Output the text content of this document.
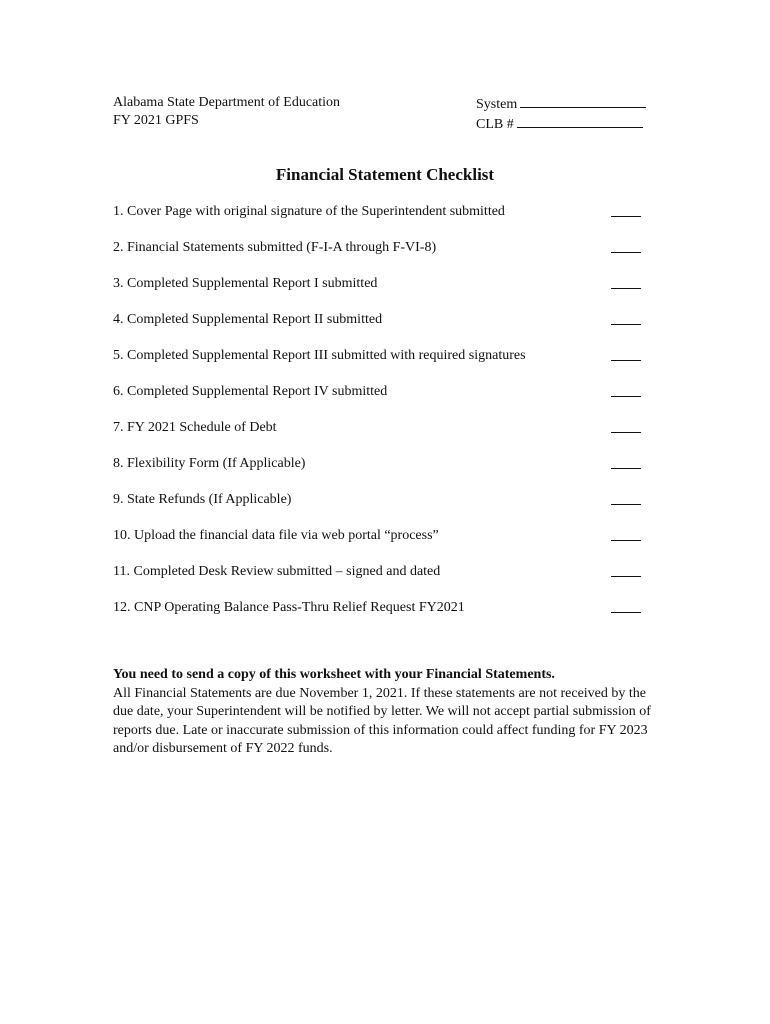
Alabama State Department of Education
FY 2021 GPFS
System
CLB #
Financial Statement Checklist
1. Cover Page with original signature of the Superintendent submitted
2. Financial Statements submitted (F-I-A through F-VI-8)
3. Completed Supplemental Report I submitted
4. Completed Supplemental Report II submitted
5. Completed Supplemental Report III submitted with required signatures
6. Completed Supplemental Report IV submitted
7. FY 2021 Schedule of Debt
8. Flexibility Form (If Applicable)
9. State Refunds (If Applicable)
10. Upload the financial data file via web portal “process”
11. Completed Desk Review submitted – signed and dated
12. CNP Operating Balance Pass-Thru Relief Request FY2021
You need to send a copy of this worksheet with your Financial Statements.
All Financial Statements are due November 1, 2021. If these statements are not received by the due date, your Superintendent will be notified by letter. We will not accept partial submission of reports due. Late or inaccurate submission of this information could affect funding for FY 2023 and/or disbursement of FY 2022 funds.
